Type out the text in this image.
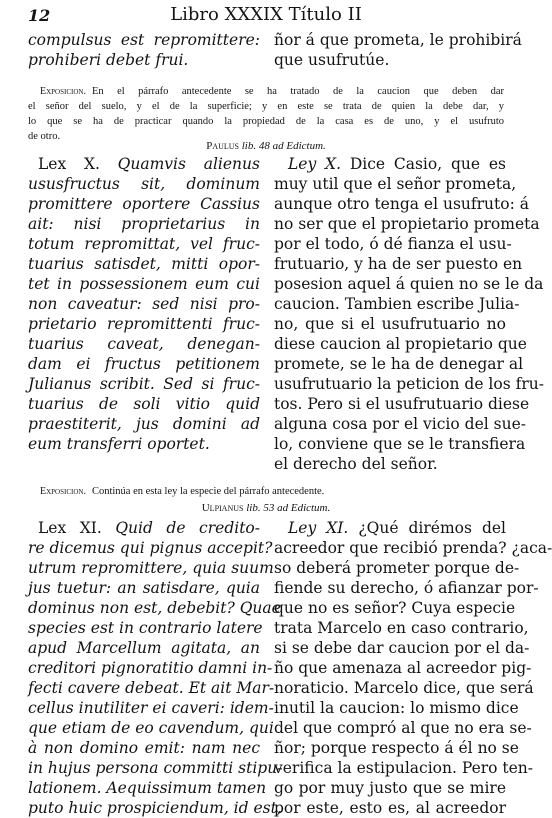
12	Libro XXXIX Título II
compulsus est repromittere:
prohiberi debet frui.
ñor á que prometa, le prohibirá
que usufrutúe.
Exposicion. En el párrafo antecedente se ha tratado de la caucion que deben dar
el señor del suelo, y el de la superficie; y en este se trata de quien la debe dar, y
lo que se ha de practicar quando la propiedad de la casa es de uno, y el usufruto
de otro.
Paulus lib. 48 ad Edictum.
Lex X. Quamvis alienus
ususfructus sit, dominum
promittere oportere Cassius
ait: nisi proprietarius in
totum repromittat, vel fruc-
tuarius satisdet, mitti opor-
tet in possessionem eum cui
non caveatur: sed nisi pro-
prietario repromittenti fruc-
tuarius caveat, denegan-
dam ei fructus petitionem
Julianus scribit. Sed si fruc-
tuarius de soli vitio quid
praestiterit, jus domini ad
eum transferri oportet.
Ley X. Dice Casio, que es
muy util que el señor prometa,
aunque otro tenga el usufruto: á
no ser que el propietario prometa
por el todo, ó dé fianza el usu-
frutuario, y ha de ser puesto en
posesion aquel á quien no se le da
caucion. Tambien escribe Julia-
no, que si el usufrutuario no
diese caucion al propietario que
promete, se le ha de denegar al
usufrutuario la peticion de los fru-
tos. Pero si el usufrutuario diese
alguna cosa por el vicio del sue-
lo, conviene que se le transfiera
el derecho del señor.
Exposicion. Continúa en esta ley la especie del párrafo antecedente.
Ulpianus lib. 53 ad Edictum.
Lex XI. Quid de credito-
re dicemus qui pignus accepit?
utrum repromittere, quia suum
jus tuetur: an satisdare, quia
dominus non est, debebit? Quae
species est in contrario latere
apud Marcellum agitata, an
creditori pignoratitio damni in-
fecti cavere debeat. Et ait Mar-
cellus inutiliter ei caveri: idem-
que etiam de eo cavendum, qui
à non domino emit: nam nec
in hujus personа committi stipu-
lationem. Aequissimum tamen
puto huic prospiciendum, id est,
Ley XI. ¿Qué dirémos del
acreedor que recibió prenda? ¿aca-
so deberá prometer porque de-
fiende su derecho, ó afianzar por-
que no es señor? Cuya especie
trata Marcelo en caso contrario,
si se debe dar caucion por el da-
ño que amenaza al acreedor pig-
noraticio. Marcelo dice, que será
inutil la caucion: lo mismo dice
del que compró al que no era se-
ñor; porque respecto á él no se
verifica la estipulacion. Pero ten-
go por muy justo que se mire
por este, esto es, al acreedor
